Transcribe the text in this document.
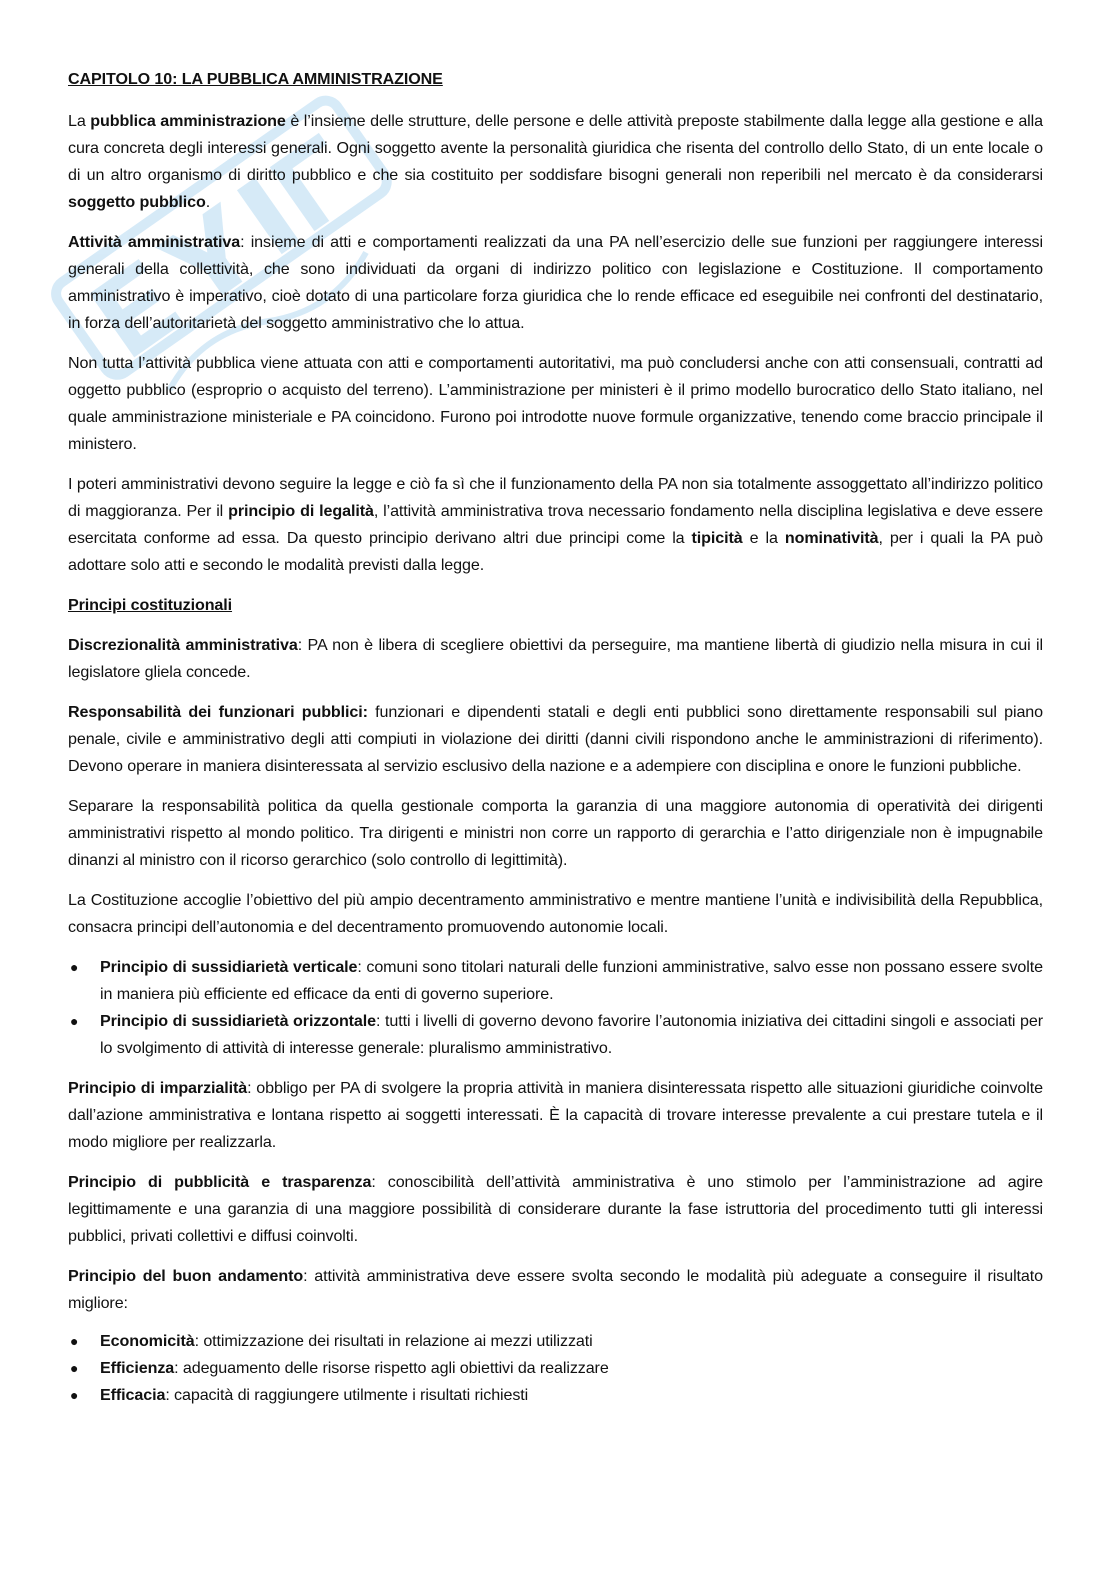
CAPITOLO 10: LA PUBBLICA AMMINISTRAZIONE

La pubblica amministrazione è l’insieme delle strutture, delle persone e delle attività preposte stabilmente dalla legge alla gestione e alla cura concreta degli interessi generali. Ogni soggetto avente la personalità giuridica che risenta del controllo dello Stato, di un ente locale o di un altro organismo di diritto pubblico e che sia costituito per soddisfare bisogni generali non reperibili nel mercato è da considerarsi soggetto pubblico.

Attività amministrativa: insieme di atti e comportamenti realizzati da una PA nell’esercizio delle sue funzioni per raggiungere interessi generali della collettività, che sono individuati da organi di indirizzo politico con legislazione e Costituzione. Il comportamento amministrativo è imperativo, cioè dotato di una particolare forza giuridica che lo rende efficace ed eseguibile nei confronti del destinatario, in forza dell’autoritarietà del soggetto amministrativo che lo attua.

Non tutta l’attività pubblica viene attuata con atti e comportamenti autoritativi, ma può concludersi anche con atti consensuali, contratti ad oggetto pubblico (esproprio o acquisto del terreno). L’amministrazione per ministeri è il primo modello burocratico dello Stato italiano, nel quale amministrazione ministeriale e PA coincidono. Furono poi introdotte nuove formule organizzative, tenendo come braccio principale il ministero.

I poteri amministrativi devono seguire la legge e ciò fa sì che il funzionamento della PA non sia totalmente assoggettato all’indirizzo politico di maggioranza. Per il principio di legalità, l’attività amministrativa trova necessario fondamento nella disciplina legislativa e deve essere esercitata conforme ad essa. Da questo principio derivano altri due principi come la tipicità e la nominatività, per i quali la PA può adottare solo atti e secondo le modalità previsti dalla legge.

Principi costituzionali

Discrezionalità amministrativa: PA non è libera di scegliere obiettivi da perseguire, ma mantiene libertà di giudizio nella misura in cui il legislatore gliela concede.

Responsabilità dei funzionari pubblici: funzionari e dipendenti statali e degli enti pubblici sono direttamente responsabili sul piano penale, civile e amministrativo degli atti compiuti in violazione dei diritti (danni civili rispondono anche le amministrazioni di riferimento). Devono operare in maniera disinteressata al servizio esclusivo della nazione e a adempiere con disciplina e onore le funzioni pubbliche.

Separare la responsabilità politica da quella gestionale comporta la garanzia di una maggiore autonomia di operatività dei dirigenti amministrativi rispetto al mondo politico. Tra dirigenti e ministri non corre un rapporto di gerarchia e l’atto dirigenziale non è impugnabile dinanzi al ministro con il ricorso gerarchico (solo controllo di legittimità).

La Costituzione accoglie l’obiettivo del più ampio decentramento amministrativo e mentre mantiene l’unità e indivisibilità della Repubblica, consacra principi dell’autonomia e del decentramento promuovendo autonomie locali.

● Principio di sussidiarietà verticale: comuni sono titolari naturali delle funzioni amministrative, salvo esse non possano essere svolte in maniera più efficiente ed efficace da enti di governo superiore.
● Principio di sussidiarietà orizzontale: tutti i livelli di governo devono favorire l’autonomia iniziativa dei cittadini singoli e associati per lo svolgimento di attività di interesse generale: pluralismo amministrativo.

Principio di imparzialità: obbligo per PA di svolgere la propria attività in maniera disinteressata rispetto alle situazioni giuridiche coinvolte dall’azione amministrativa e lontana rispetto ai soggetti interessati. È la capacità di trovare interesse prevalente a cui prestare tutela e il modo migliore per realizzarla.

Principio di pubblicità e trasparenza: conoscibilità dell’attività amministrativa è uno stimolo per l’amministrazione ad agire legittimamente e una garanzia di una maggiore possibilità di considerare durante la fase istruttoria del procedimento tutti gli interessi pubblici, privati collettivi e diffusi coinvolti.

Principio del buon andamento: attività amministrativa deve essere svolta secondo le modalità più adeguate a conseguire il risultato migliore:

● Economicità: ottimizzazione dei risultati in relazione ai mezzi utilizzati
● Efficienza: adeguamento delle risorse rispetto agli obiettivi da realizzare
● Efficacia: capacità di raggiungere utilmente i risultati richiesti
